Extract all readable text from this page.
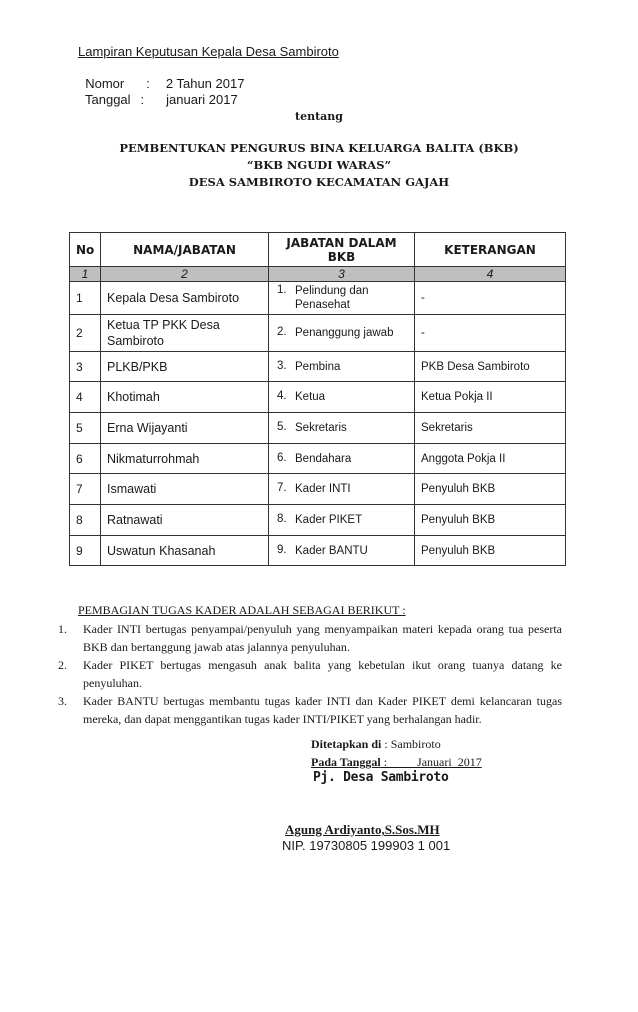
Lampiran Keputusan Kepala Desa Sambiroto

Nomor : 2 Tahun 2017

Tanggal : januari 2017

tentang
PEMBENTUKAN PENGURUS BINA KELUARGA BALITA (BKB)
“BKB NGUDI WARAS”
DESA SAMBIROTO KECAMATAN GAJAH
No	NAMA/JABATAN	JABATAN DALAM BKB	KETERANGAN
1	2	3	4
1	Kepala Desa Sambiroto	1. Pelindung dan Penasehat	-
2	Ketua TP PKK Desa Sambiroto	2. Penanggung jawab	-
3	PLKB/PKB	3. Pembina	PKB Desa Sambiroto
4	Khotimah	4. Ketua	Ketua Pokja II
5	Erna Wijayanti	5. Sekretaris	Sekretaris
6	Nikmaturrohmah	6. Bendahara	Anggota Pokja II
7	Ismawati	7. Kader INTI	Penyuluh BKB
8	Ratnawati	8. Kader PIKET	Penyuluh BKB
9	Uswatun Khasanah	9. Kader BANTU	Penyuluh BKB
PEMBAGIAN TUGAS KADER ADALAH SEBAGAI BERIKUT :
1. Kader INTI bertugas penyampai/penyuluh yang menyampaikan materi kepada orang tua peserta BKB dan bertanggung jawab atas jalannya penyuluhan.
2. Kader PIKET bertugas mengasuh anak balita yang kebetulan ikut orang tuanya datang ke penyuluhan.
3. Kader BANTU bertugas membantu tugas kader INTI dan Kader PIKET demi kelancaran tugas mereka, dan dapat menggantikan tugas kader INTI/PIKET yang berhalangan hadir.
Ditetapkan di : Sambiroto
Pada Tanggal :          Januari  2017
Pj. Desa Sambiroto
Agung Ardiyanto,S.Sos.MH
NIP. 19730805 199903 1 001
